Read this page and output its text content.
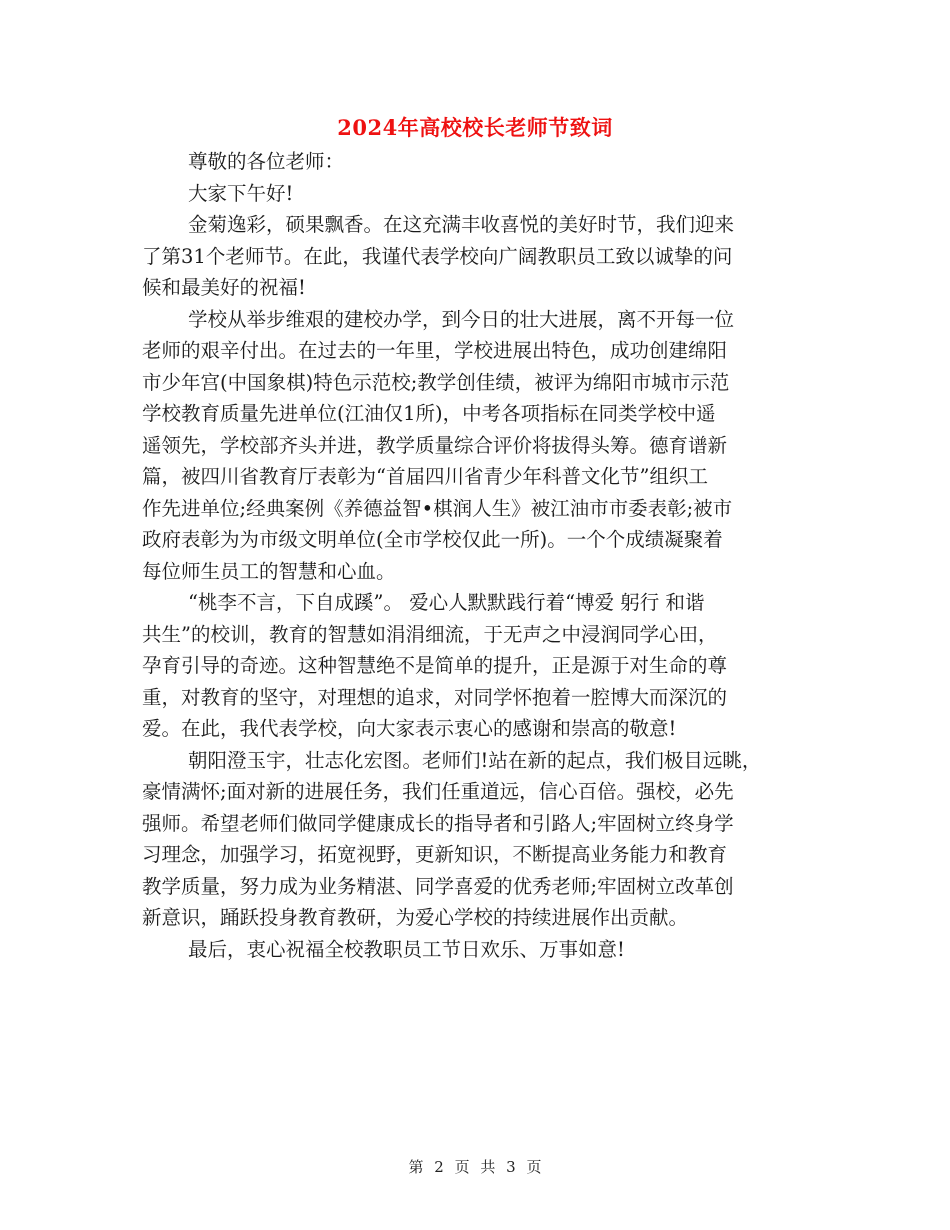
2024年高校校长老师节致词
尊敬的各位老师：
大家下午好!
金菊逸彩，硕果飘香。在这充满丰收喜悦的美好时节，我们迎来
了第31个老师节。在此，我谨代表学校向广阔教职员工致以诚挚的问
候和最美好的祝福!
学校从举步维艰的建校办学，到今日的壮大进展，离不开每一位
老师的艰辛付出。在过去的一年里，学校进展出特色，成功创建绵阳
市少年宫(中国象棋)特色示范校;教学创佳绩，被评为绵阳市城市示范
学校教育质量先进单位(江油仅1所)，中考各项指标在同类学校中遥
遥领先，学校部齐头并进，教学质量综合评价将拔得头筹。德育谱新
篇，被四川省教育厅表彰为“首届四川省青少年科普文化节”组织工
作先进单位;经典案例《养德益智•棋润人生》被江油市市委表彰;被市
政府表彰为为市级文明单位(全市学校仅此一所)。一个个成绩凝聚着
每位师生员工的智慧和心血。
“桃李不言，下自成蹊”。 爱心人默默践行着“博爱 躬行 和谐
共生”的校训，教育的智慧如涓涓细流，于无声之中浸润同学心田，
孕育引导的奇迹。这种智慧绝不是简单的提升，正是源于对生命的尊
重，对教育的坚守，对理想的追求，对同学怀抱着一腔博大而深沉的
爱。在此，我代表学校，向大家表示衷心的感谢和崇高的敬意!
朝阳澄玉宇，壮志化宏图。老师们!站在新的起点，我们极目远眺，
豪情满怀;面对新的进展任务，我们任重道远，信心百倍。强校，必先
强师。希望老师们做同学健康成长的指导者和引路人;牢固树立终身学
习理念，加强学习，拓宽视野，更新知识，不断提高业务能力和教育
教学质量，努力成为业务精湛、同学喜爱的优秀老师;牢固树立改革创
新意识，踊跃投身教育教研，为爱心学校的持续进展作出贡献。
最后，衷心祝福全校教职员工节日欢乐、万事如意!
第 2 页 共 3 页
